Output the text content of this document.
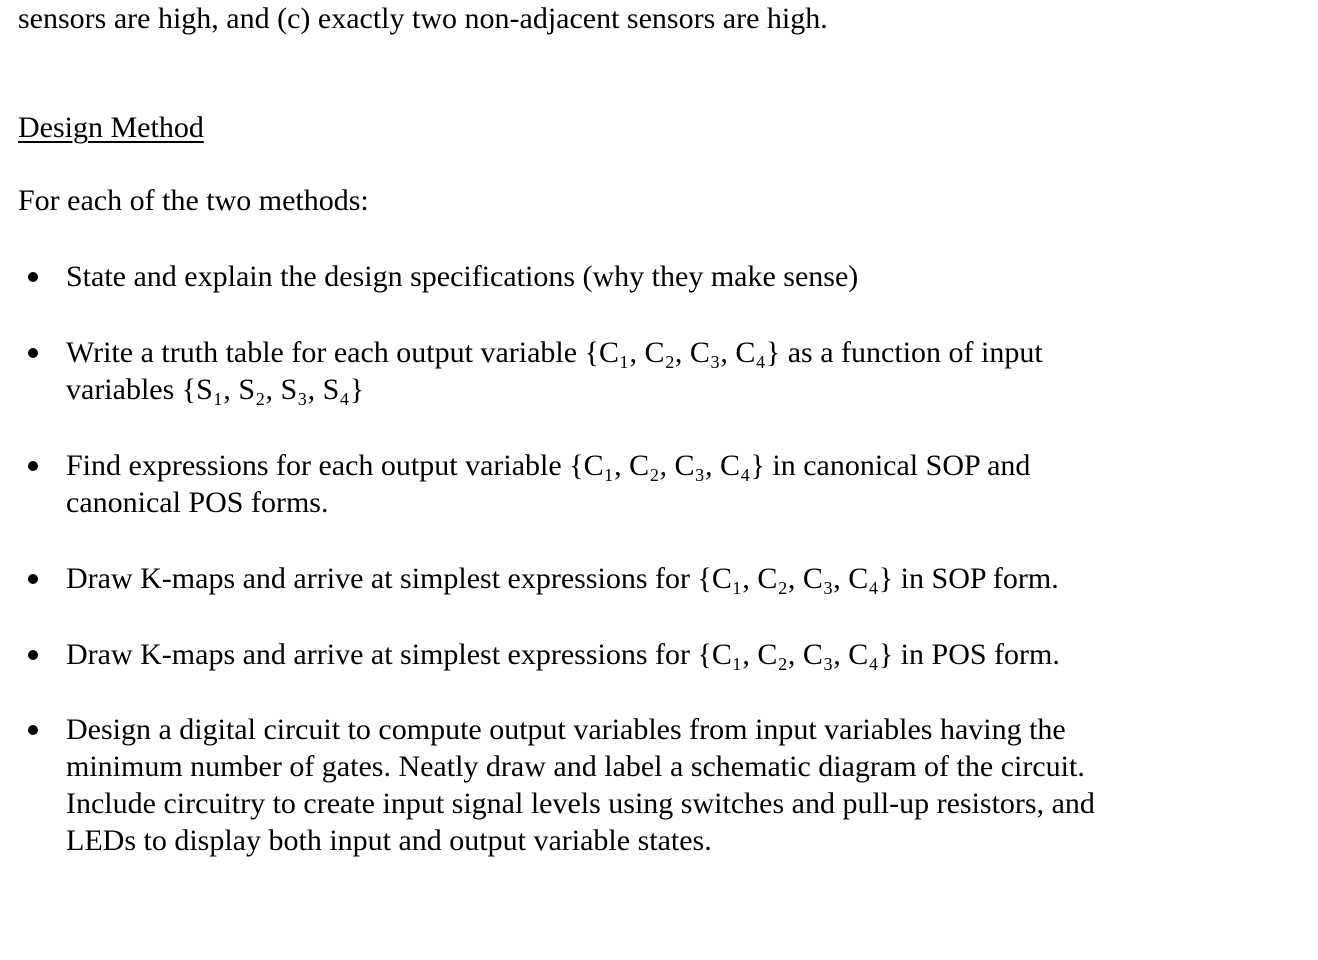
sensors are high, and (c) exactly two non-adjacent sensors are high.

Design Method

For each of the two methods:

State and explain the design specifications (why they make sense)

Write a truth table for each output variable {C₁, C₂, C₃, C₄} as a function of input
variables {S₁, S₂, S₃, S₄}

Find expressions for each output variable {C₁, C₂, C₃, C₄} in canonical SOP and
canonical POS forms.

Draw K-maps and arrive at simplest expressions for {C₁, C₂, C₃, C₄} in SOP form.

Draw K-maps and arrive at simplest expressions for {C₁, C₂, C₃, C₄} in POS form.

Design a digital circuit to compute output variables from input variables having the
minimum number of gates. Neatly draw and label a schematic diagram of the circuit.
Include circuitry to create input signal levels using switches and pull-up resistors, and
LEDs to display both input and output variable states.
